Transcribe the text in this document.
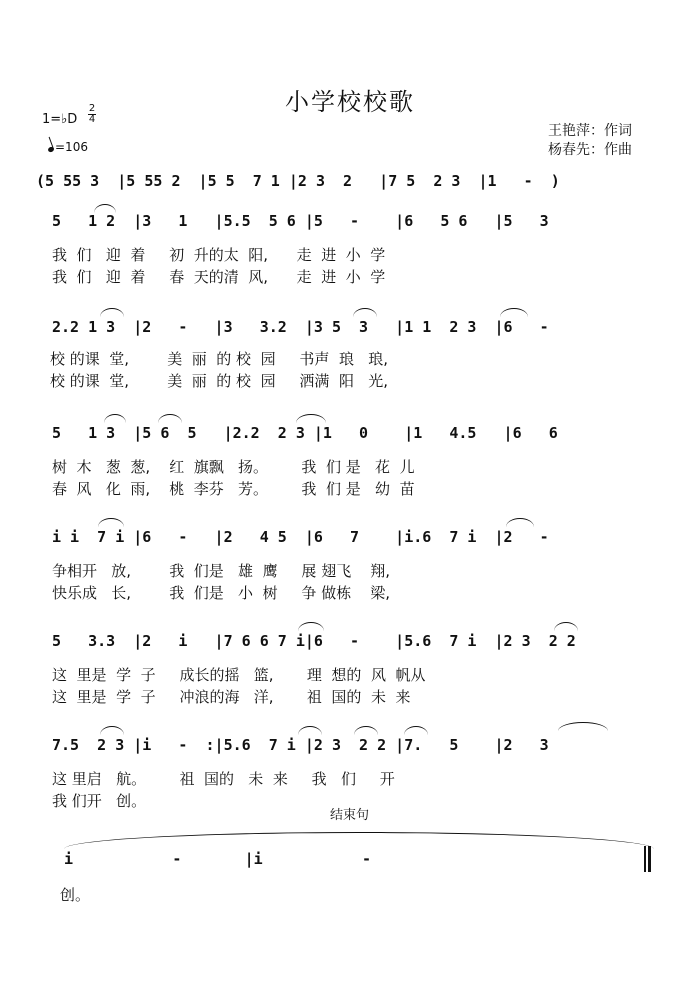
小学校校歌
1=♭D
2
4
=106
王艳萍：作词
杨春先：作曲
(5 55 3  |5 55 2  |5 5  7 1 |2 3  2   |7 5  2 3  |1   -  )
5   1 2  |3   1   |5.5  5 6 |5   -    |6   5 6   |5   3
我  们   迎  着     初  升的太  阳,      走  进  小  学
我  们   迎  着     春  天的清  风,      走  进  小  学
2.2 1 3  |2   -   |3   3.2  |3 5  3   |1 1  2 3  |6   -
校 的课  堂,        美  丽  的 校  园     书声  琅   琅,
校 的课  堂,        美  丽  的 校  园     洒满  阳   光,
5   1 3  |5 6  5   |2.2  2 3 |1   0    |1   4.5   |6   6
树  木   葱  葱,    红  旗飘   扬。       我  们 是   花  儿
春  风   化  雨,    桃  李芬   芳。       我  们 是   幼  苗
i i  7 i |6   -   |2   4 5  |6   7    |i.6  7 i  |2   -
争相开   放,        我  们是   雄  鹰     展 翅飞    翔,
快乐成   长,        我  们是   小  树     争 做栋    梁,
5   3.3  |2   i   |7 6 6 7 i|6   -    |5.6  7 i  |2 3  2 2
这  里是  学  子     成长的摇   篮,       理  想的  风  帆从
这  里是  学  子     冲浪的海   洋,       祖  国的  未  来
7.5  2 3 |i   -  :|5.6  7 i |2 3  2 2 |7.   5    |2   3
这 里启   航。       祖  国的   未  来     我   们     开
我 们开   创。
结束句
i           -       |i           -
创。
